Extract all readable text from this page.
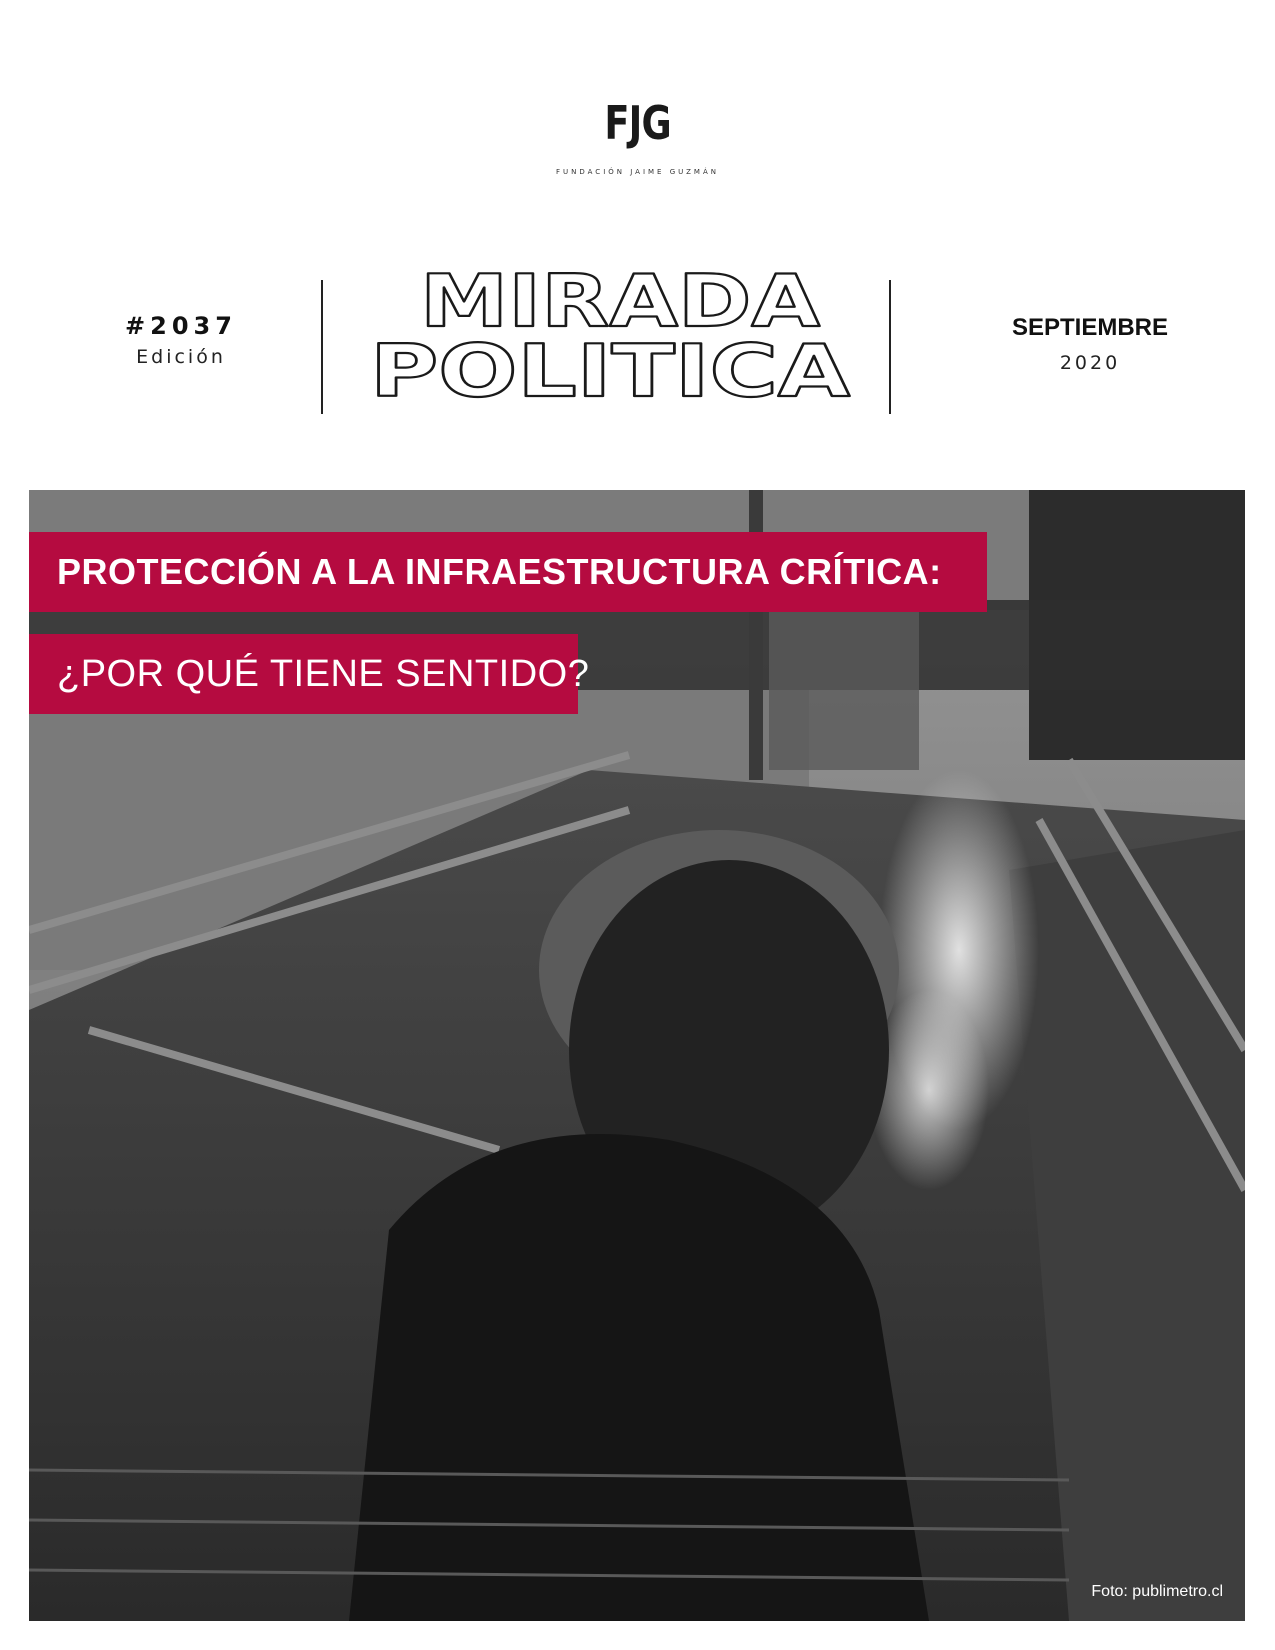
FJG
FUNDACIÓN JAIME GUZMÁN
#2037
Edición
MIRADA
POLITICA
SEPTIEMBRE
2020
PROTECCIÓN A LA INFRAESTRUCTURA CRÍTICA:
¿POR QUÉ TIENE SENTIDO?
Foto: publimetro.cl
